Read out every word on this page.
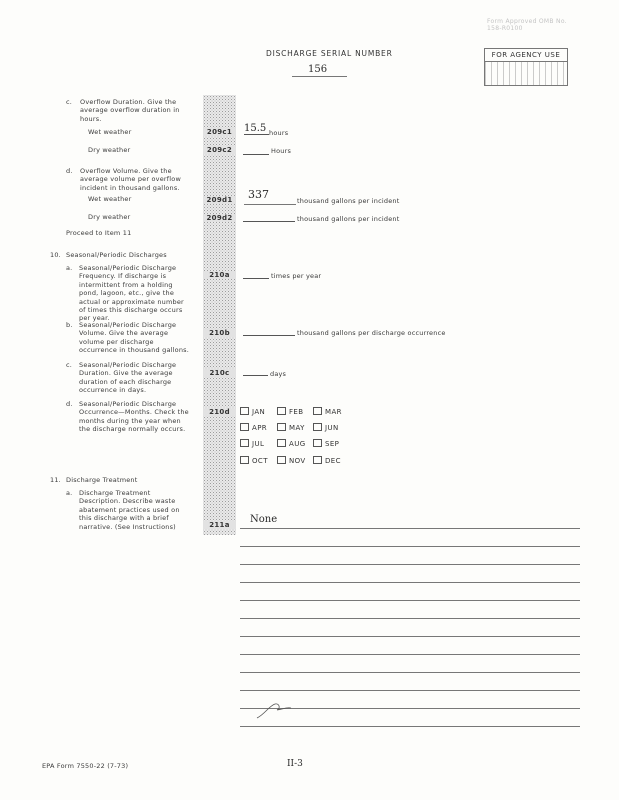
Form Approved OMB No. 158-R0100
DISCHARGE SERIAL NUMBER
156
FOR AGENCY USE
c. Overflow Duration. Give the average overflow duration in hours.
Wet weather	209c1	15.5 hours
Dry weather	209c2	Hours
d. Overflow Volume. Give the average volume per overflow incident in thousand gallons.
Wet weather	209d1	337	thousand gallons per incident
Dry weather	209d2	thousand gallons per incident
Proceed to Item 11
10. Seasonal/Periodic Discharges
a. Seasonal/Periodic Discharge Frequency. If discharge is intermittent from a holding pond, lagoon, etc., give the actual or approximate number of times this discharge occurs per year.
210a	times per year
b. Seasonal/Periodic Discharge Volume. Give the average volume per discharge occurrence in thousand gallons.
210b	thousand gallons per discharge occurrence
c. Seasonal/Periodic Discharge Duration. Give the average duration of each discharge occurrence in days.
210c	days
d. Seasonal/Periodic Discharge Occurrence—Months. Check the months during the year when the discharge normally occurs.
210d	JAN	FEB	MAR
APR	MAY	JUN
JUL	AUG	SEP
OCT	NOV	DEC
11. Discharge Treatment
a. Discharge Treatment Description. Describe waste abatement practices used on this discharge with a brief narrative. (See Instructions)	211a	None
EPA Form 7550-22 (7-73)	II-3
